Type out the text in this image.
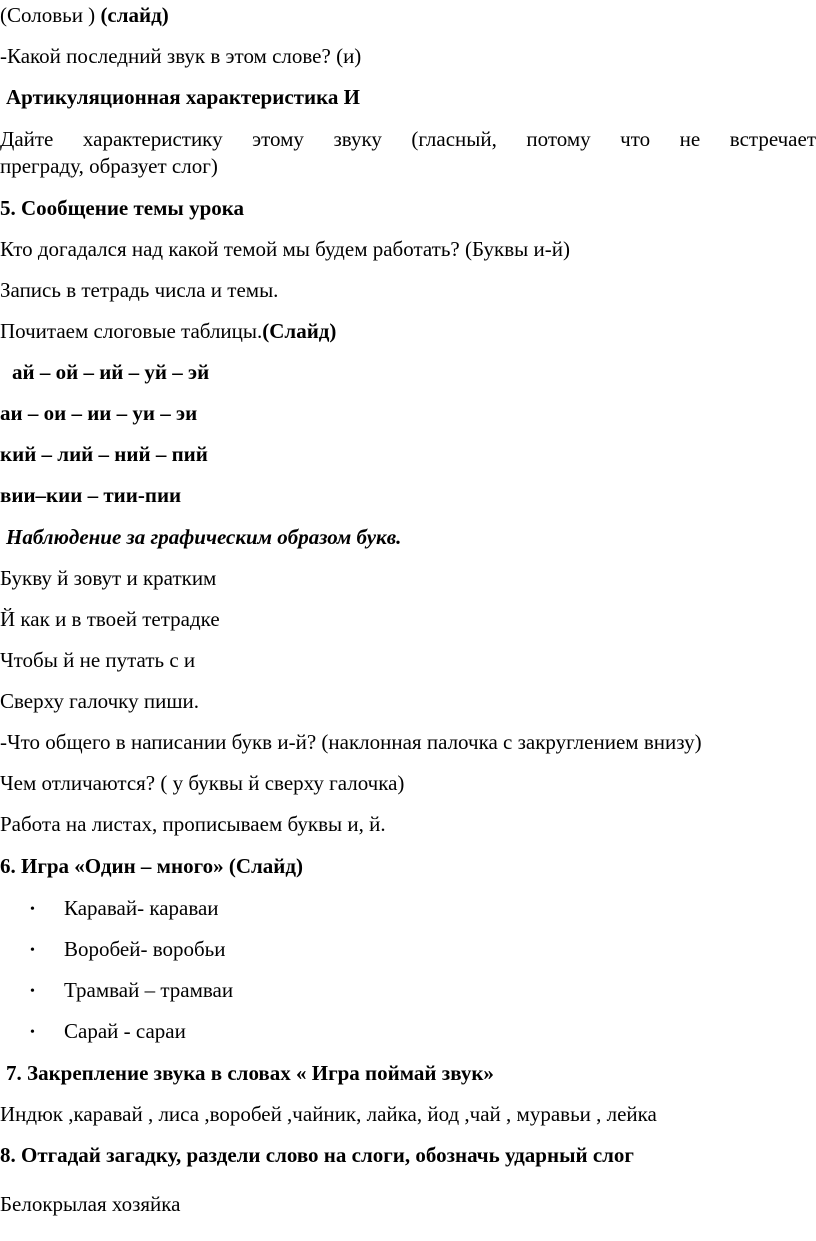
(Соловьи ) (слайд)
-Какой последний звук в этом слове? (и)
Артикуляционная характеристика И
Дайте характеристику этому звуку (гласный, потому что не встречает
преграду, образует слог)
5. Сообщение темы урока
Кто догадался над какой темой мы будем работать? (Буквы и-й)
Запись в тетрадь числа и темы.
Почитаем слоговые таблицы.(Слайд)
ай – ой – ий – уй – эй
аи – ои – ии – уи – эи
кий – лий – ний – пий
вии–кии – тии-пии
Наблюдение за графическим образом букв.
Букву й зовут и кратким
Й как и в твоей тетрадке
Чтобы й не путать с и
Сверху галочку пиши.
-Что общего в написании букв и-й? (наклонная палочка с закруглением внизу)
Чем отличаются? ( у буквы й сверху галочка)
Работа на листах, прописываем буквы и, й.
6. Игра «Один – много» (Слайд)
• Каравай- караваи
• Воробей- воробьи
• Трамвай – трамваи
• Сарай - сараи
7. Закрепление звука в словах « Игра поймай звук»
Индюк ,каравай , лиса ,воробей ,чайник, лайка, йод ,чай , муравьи , лейка
8. Отгадай загадку, раздели слово на слоги, обозначь ударный слог
Белокрылая хозяйка
